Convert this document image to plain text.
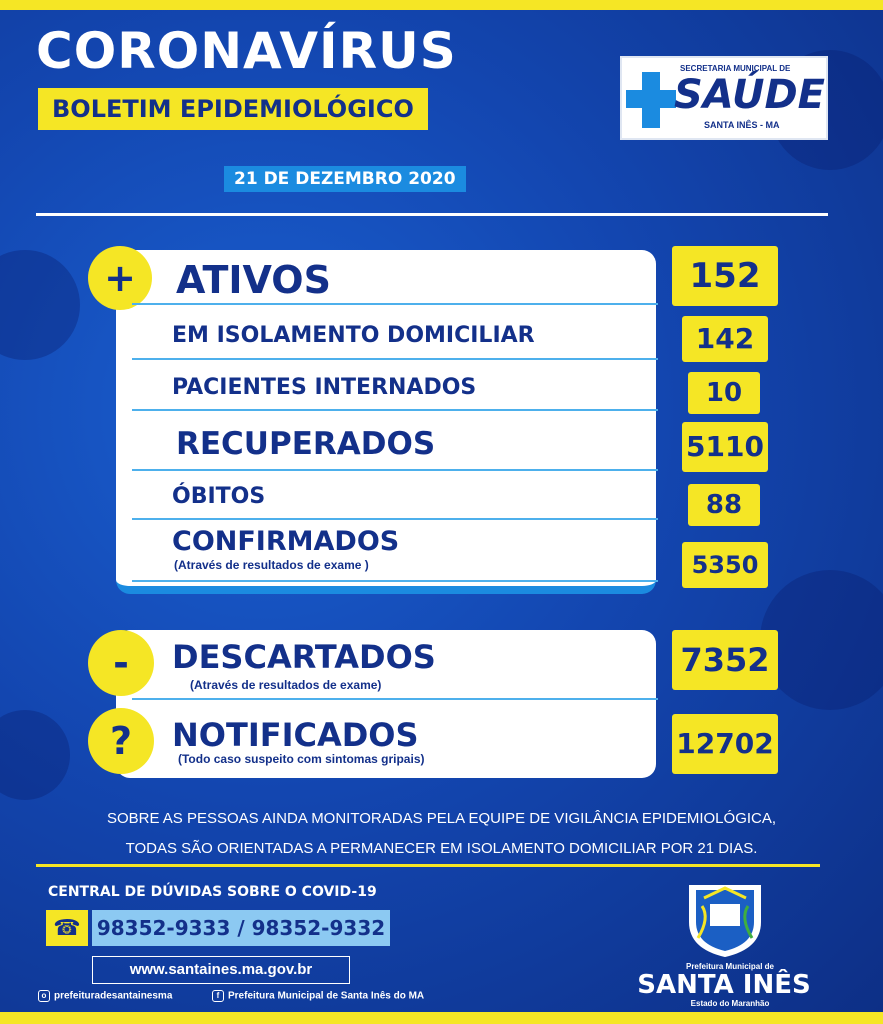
CORONAVÍRUS
BOLETIM EPIDEMIOLÓGICO
21 DE DEZEMBRO 2020
SECRETARIA MUNICIPAL DE
SAÚDE
SANTA INÊS - MA
+	ATIVOS
EM ISOLAMENTO DOMICILIAR
PACIENTES INTERNADOS
RECUPERADOS
ÓBITOS
CONFIRMADOS
(Através de resultados de exame )
152
142
10
5110
88
5350
-
?
DESCARTADOS
(Através de resultados de exame)
NOTIFICADOS
(Todo caso suspeito com sintomas gripais)
7352
12702
SOBRE AS PESSOAS AINDA MONITORADAS PELA EQUIPE DE VIGILÂNCIA EPIDEMIOLÓGICA,
TODAS SÃO ORIENTADAS A PERMANECER EM ISOLAMENTO DOMICILIAR POR 21 DIAS.
CENTRAL DE DÚVIDAS SOBRE O COVID-19
☎ 98352-9333 / 98352-9332
www.santaines.ma.gov.br
o prefeituradesantainesma	f Prefeitura Municipal de Santa Inês do MA
Prefeitura Municipal de
SANTA INÊS
Estado do Maranhão
